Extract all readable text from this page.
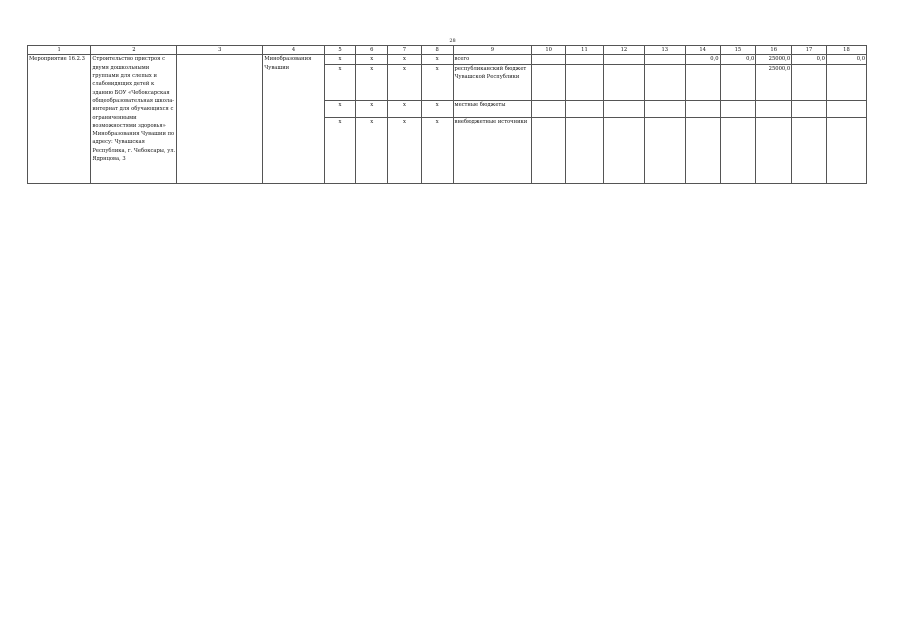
28
1	2	3	4	5	6	7	8	9	10	11	12	13	14	15	16	17	18
Мероприятие 16.2.3	Строительство пристроя с двумя дошкольными группами для слепых и слабовидящих детей к зданию БОУ «Чебоксарская общеобразовательная школа-интернат для обучающихся с ограниченными возможностями здоровья» Минобразования Чувашии по адресу: Чувашская Республика, г. Чебоксары, ул. Ядрнцова, 3		Минобразования Чувашии	x	x	x	x	всего					0,0	0,0	25000,0	0,0	0,0
				x	x	x	x	республиканский бюджет Чувашской Республики							25000,0		
				x	x	x	x	местные бюджеты									
				x	x	x	x	внебюджетные источники									
